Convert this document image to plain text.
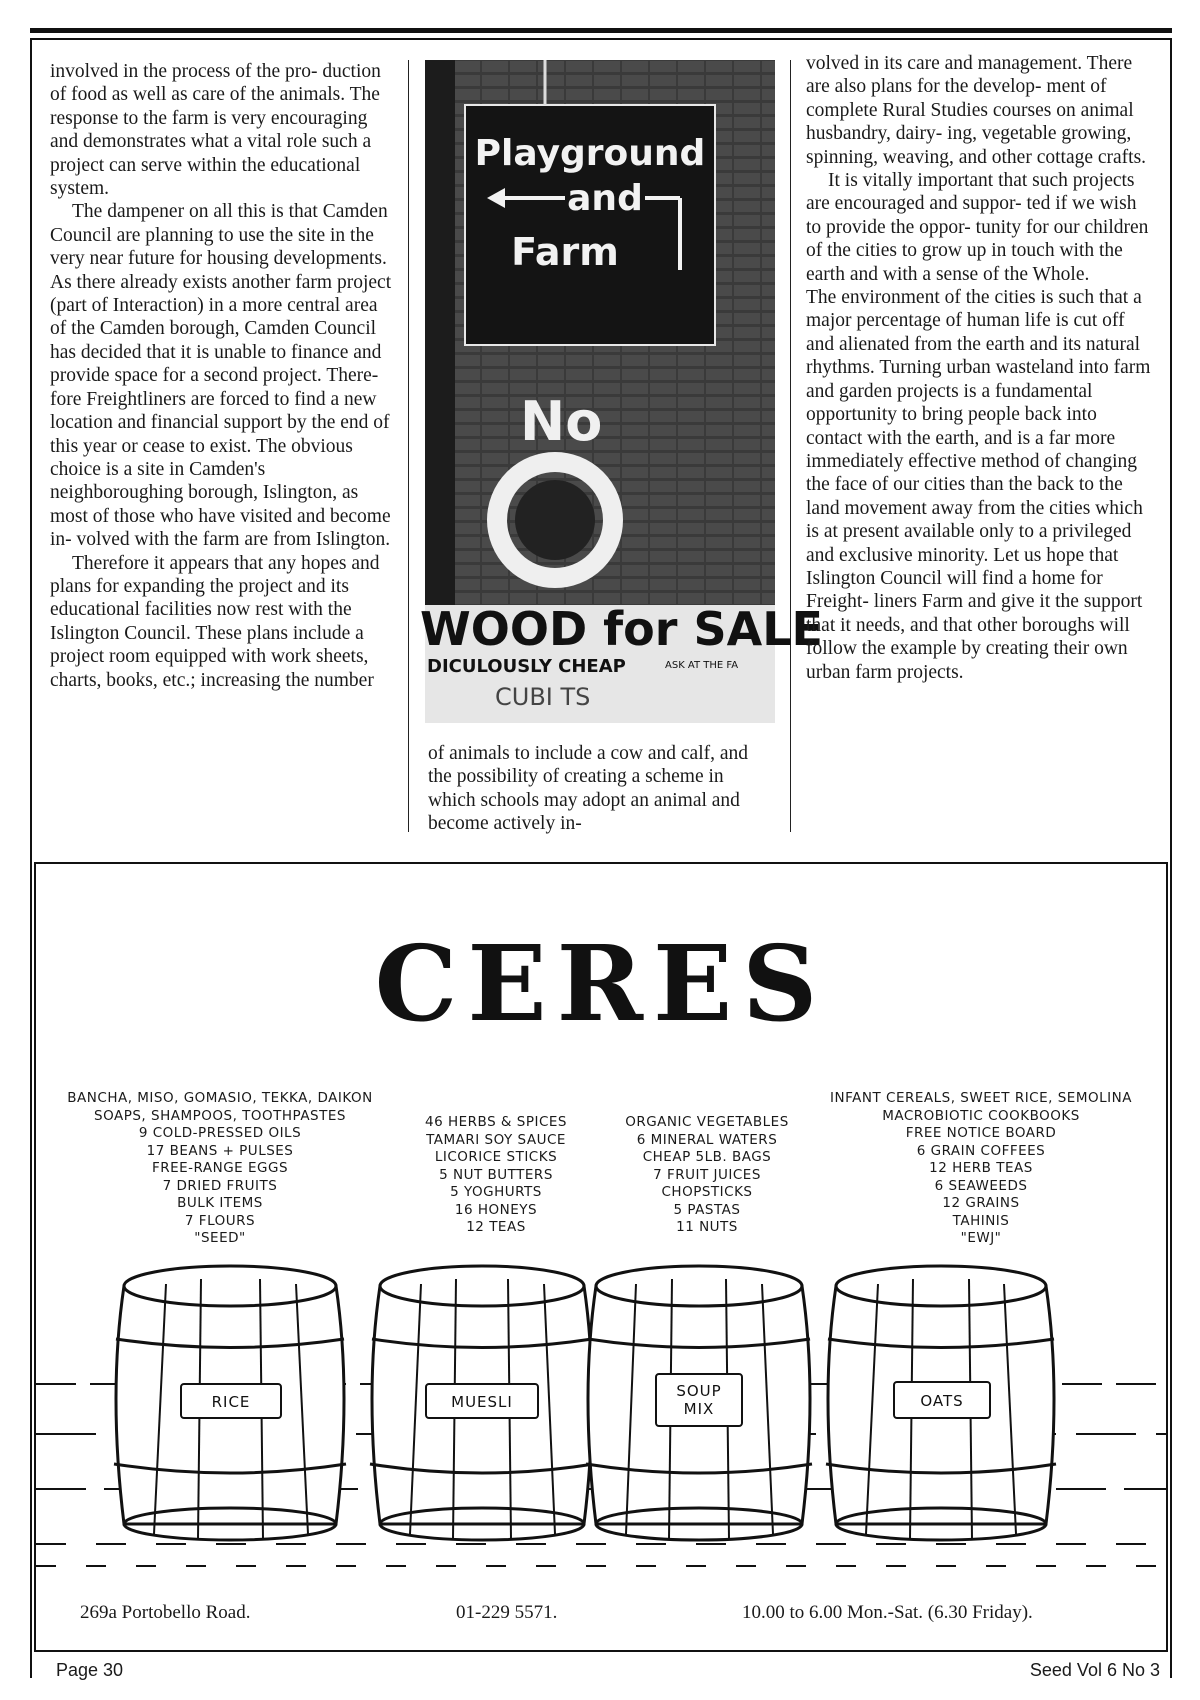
involved in the process of the pro- duction of food as well as care of the animals. The response to the farm is very encouraging and demonstrates what a vital role such a project can serve within the educational system.

The dampener on all this is that Camden Council are planning to use the site in the very near future for housing developments. As there already exists another farm project (part of Interaction) in a more central area of the Camden borough, Camden Council has decided that it is unable to finance and provide space for a second project. There- fore Freightliners are forced to find a new location and financial support by the end of this year or cease to exist. The obvious choice is a site in Camden's neighboroughing borough, Islington, as most of those who have visited and become in- volved with the farm are from Islington.

Therefore it appears that any hopes and plans for expanding the project and its educational facilities now rest with the Islington Council. These plans include a project room equipped with work sheets, charts, books, etc.; increasing the number

Playground
and
Farm
No
WOOD for SALE
DICULOUSLY CHEAP	ASK AT THE FA
CUBI TS

of animals to include a cow and calf, and the possibility of creating a scheme in which schools may adopt an animal and become actively in-

volved in its care and management. There are also plans for the develop- ment of complete Rural Studies courses on animal husbandry, dairy- ing, vegetable growing, spinning, weaving, and other cottage crafts.

It is vitally important that such projects are encouraged and suppor- ted if we wish to provide the oppor- tunity for our children of the cities to grow up in touch with the earth and with a sense of the Whole.

The environment of the cities is such that a major percentage of human life is cut off and alienated from the earth and its natural rhythms. Turning urban wasteland into farm and garden projects is a fundamental opportunity to bring people back into contact with the earth, and is a far more immediately effective method of changing the face of our cities than the back to the land movement away from the cities which is at present available only to a privileged and exclusive minority. Let us hope that Islington Council will find a home for Freight- liners Farm and give it the support that it needs, and that other boroughs will follow the example by creating their own urban farm projects.

CERES
BANCHA, MISO, GOMASIO, TEKKA, DAIKON
SOAPS, SHAMPOOS, TOOTHPASTES
9 COLD-PRESSED OILS
17 BEANS + PULSES
FREE-RANGE EGGS
7 DRIED FRUITS
BULK ITEMS
7 FLOURS
"SEED"
46 HERBS & SPICES
TAMARI SOY SAUCE
LICORICE STICKS
5 NUT BUTTERS
5 YOGHURTS
16 HONEYS
12 TEAS
ORGANIC VEGETABLES
6 MINERAL WATERS
CHEAP 5LB. BAGS
7 FRUIT JUICES
CHOPSTICKS
5 PASTAS
11 NUTS
INFANT CEREALS, SWEET RICE, SEMOLINA
MACROBIOTIC COOKBOOKS
FREE NOTICE BOARD
6 GRAIN COFFEES
12 HERB TEAS
6 SEAWEEDS
12 GRAINS
TAHINIS
"EWJ"
RICE	MUESLI
SOUP
MIX	OATS
269a Portobello Road.	01-229 5571.	10.00 to 6.00 Mon.-Sat. (6.30 Friday).
Page 30	Seed Vol 6 No 3
